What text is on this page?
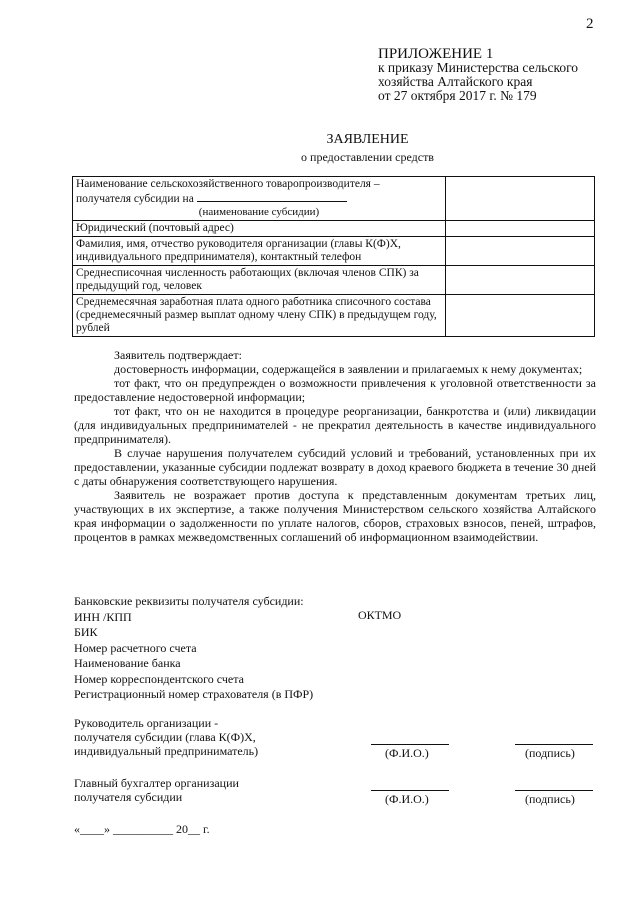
2
ПРИЛОЖЕНИЕ 1
к приказу Министерства сельского
хозяйства Алтайского края
от 27 октября 2017 г. № 179
ЗАЯВЛЕНИЕ
о предоставлении средств
Наименование сельскохозяйственного товаропроизводителя –
получателя субсидии на
(наименование субсидии)	

Юридический (почтовый адрес)	
Фамилия, имя, отчество руководителя организации (главы К(Ф)Х, индивидуального предпринимателя), контактный телефон	
Среднесписочная численность работающих (включая членов СПК) за предыдущий год, человек	
Среднемесячная заработная плата одного работника списочного состава (среднемесячный размер выплат одному члену СПК) в предыдущем году, рублей	

Заявитель подтверждает:

достоверность информации, содержащейся в заявлении и прилагаемых к нему документах;

тот факт, что он предупрежден о возможности привлечения к уголовной ответственности за предоставление недостоверной информации;

тот факт, что он не находится в процедуре реорганизации, банкротства и (или) ликвидации (для индивидуальных предпринимателей - не прекратил деятельность в качестве индивидуального предпринимателя).

В случае нарушения получателем субсидий условий и требований, установленных при их предоставлении, указанные субсидии подлежат возврату в доход краевого бюджета в течение 30 дней с даты обнаружения соответствующего нарушения.

Заявитель не возражает против доступа к представленным документам третьих лиц, участвующих в их экспертизе, а также получения Министерством сельского хозяйства Алтайского края информации о задолженности по уплате налогов, сборов, страховых взносов, пеней, штрафов, процентов в рамках межведомственных соглашений об информационном взаимодействии.

Банковские реквизиты получателя субсидии:
ИНН /КПП
БИК
Номер расчетного счета
Наименование банка
Номер корреспондентского счета
Регистрационный номер страхователя (в ПФР)
ОКТМО
Руководитель организации -
получателя субсидии (глава К(Ф)Х,
индивидуальный предприниматель)	(Ф.И.О.)	(подпись)
Главный бухгалтер организации
получателя субсидии	(Ф.И.О.)	(подпись)
«____» __________ 20__ г.
